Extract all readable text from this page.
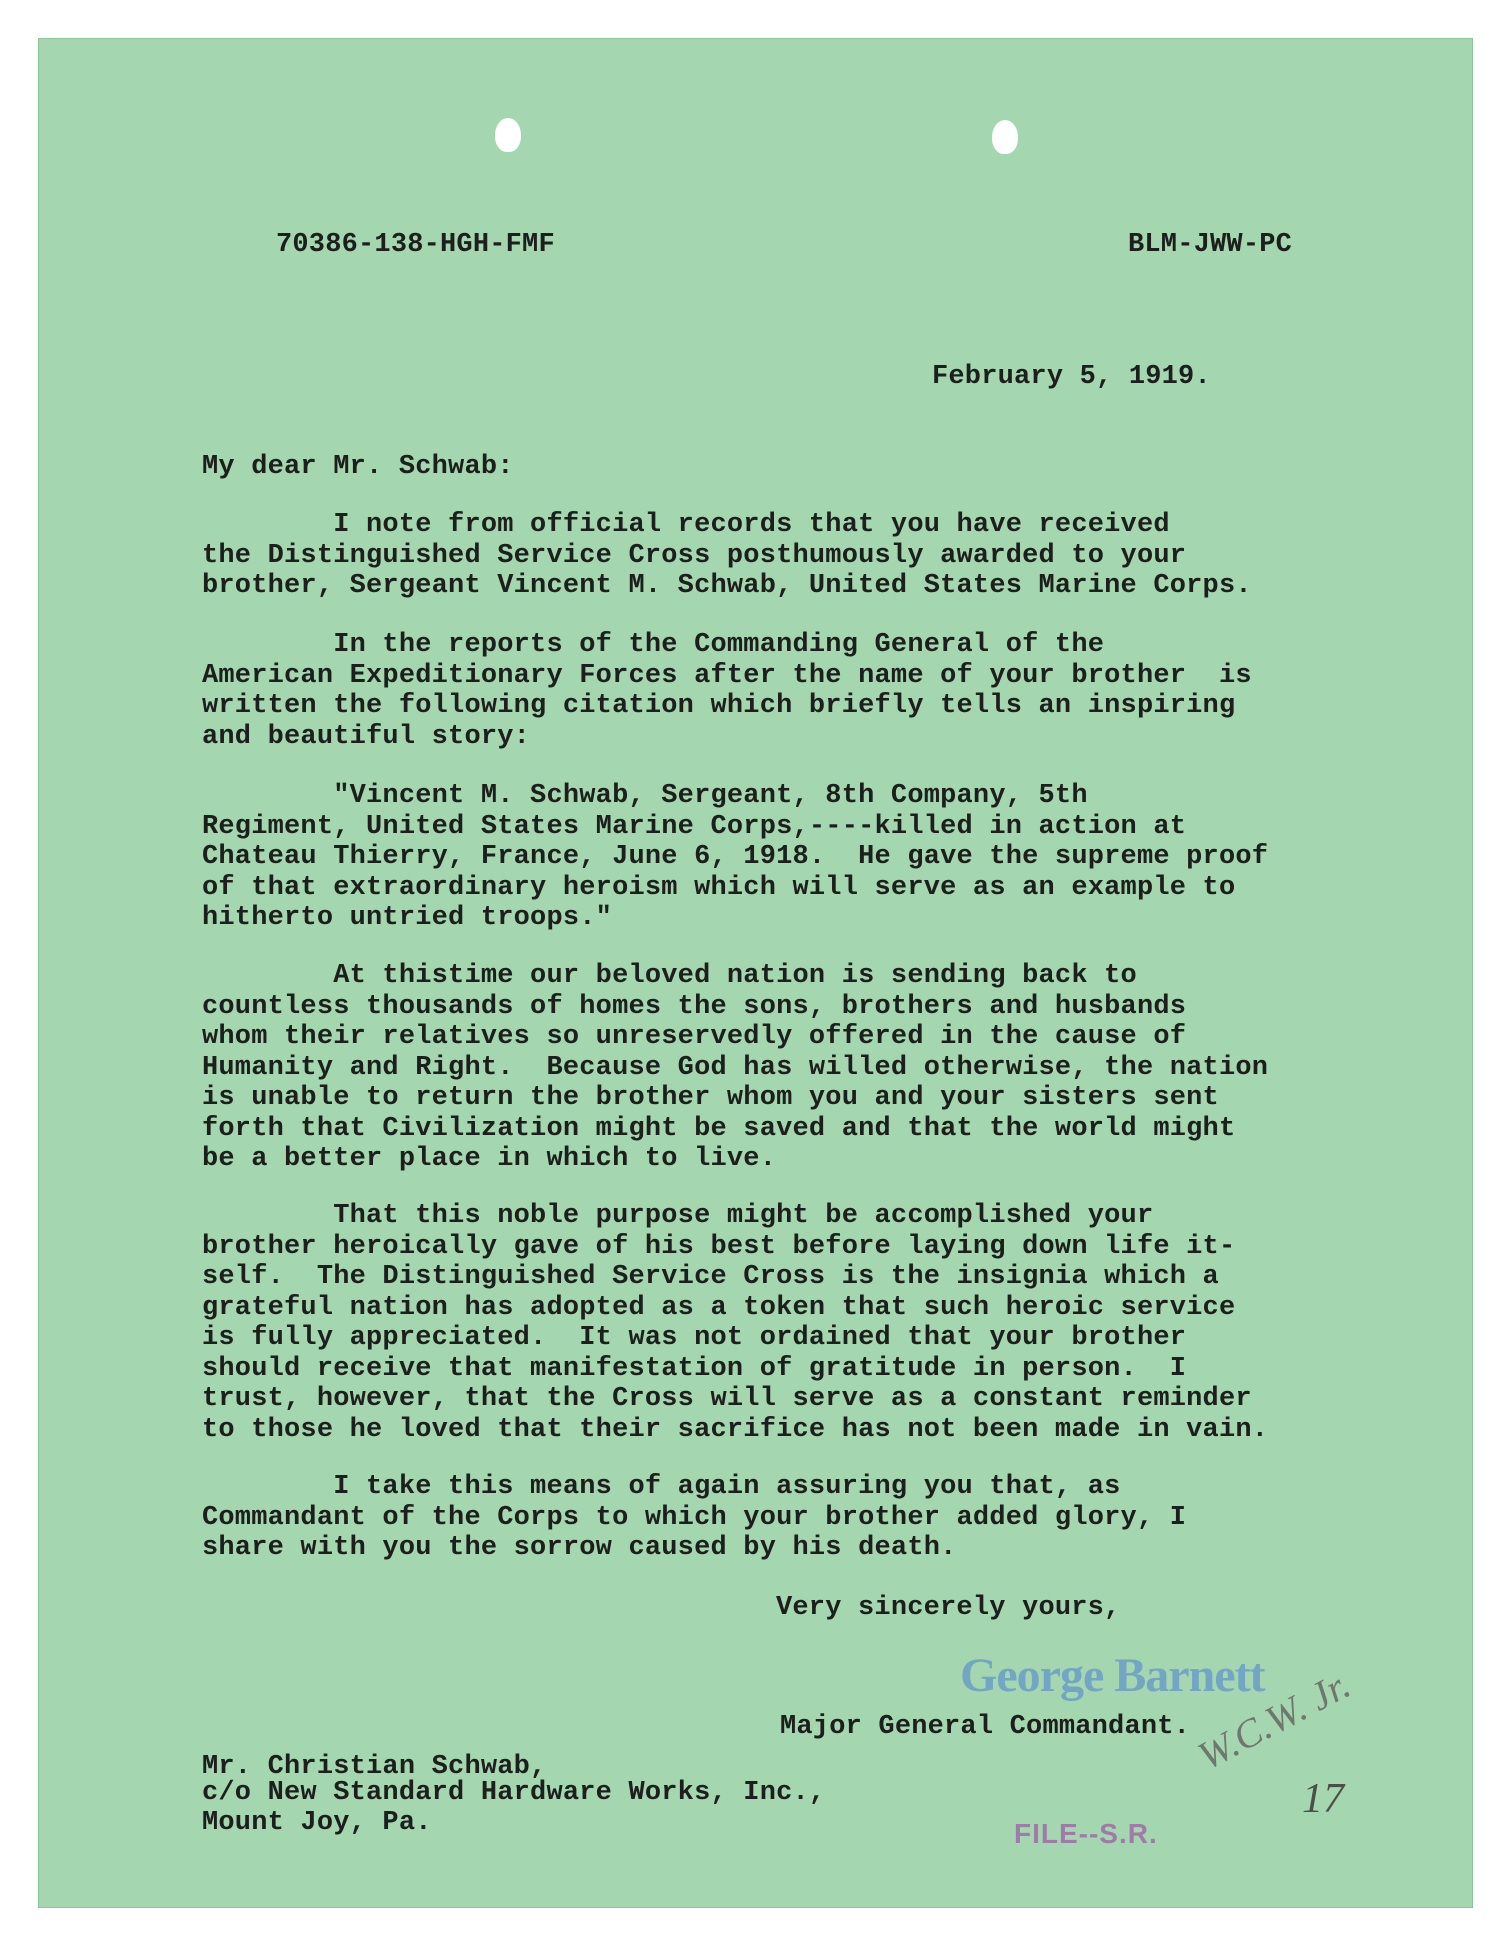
70386-138-HGH-FMF	BLM-JWW-PC
February 5, 1919.
My dear Mr. Schwab:
I note from official records that you have received
the Distinguished Service Cross posthumously awarded to your
brother, Sergeant Vincent M. Schwab, United States Marine Corps.
In the reports of the Commanding General of the
American Expeditionary Forces after the name of your brother  is
written the following citation which briefly tells an inspiring
and beautiful story:
"Vincent M. Schwab, Sergeant, 8th Company, 5th
Regiment, United States Marine Corps,----killed in action at
Chateau Thierry, France, June 6, 1918.  He gave the supreme proof
of that extraordinary heroism which will serve as an example to
hitherto untried troops."
At thistime our beloved nation is sending back to
countless thousands of homes the sons, brothers and husbands
whom their relatives so unreservedly offered in the cause of
Humanity and Right.  Because God has willed otherwise, the nation
is unable to return the brother whom you and your sisters sent
forth that Civilization might be saved and that the world might
be a better place in which to live.
That this noble purpose might be accomplished your
brother heroically gave of his best before laying down life it-
self.  The Distinguished Service Cross is the insignia which a
grateful nation has adopted as a token that such heroic service
is fully appreciated.  It was not ordained that your brother
should receive that manifestation of gratitude in person.  I
trust, however, that the Cross will serve as a constant reminder
to those he loved that their sacrifice has not been made in vain.
I take this means of again assuring you that, as
Commandant of the Corps to which your brother added glory, I
share with you the sorrow caused by his death.
Very sincerely yours,
George Barnett
Major General Commandant.
Mr. Christian Schwab,
c/o New Standard Hardware Works, Inc.,
Mount Joy, Pa.
W.C.W. Jr.
17
FILE--S.R.
